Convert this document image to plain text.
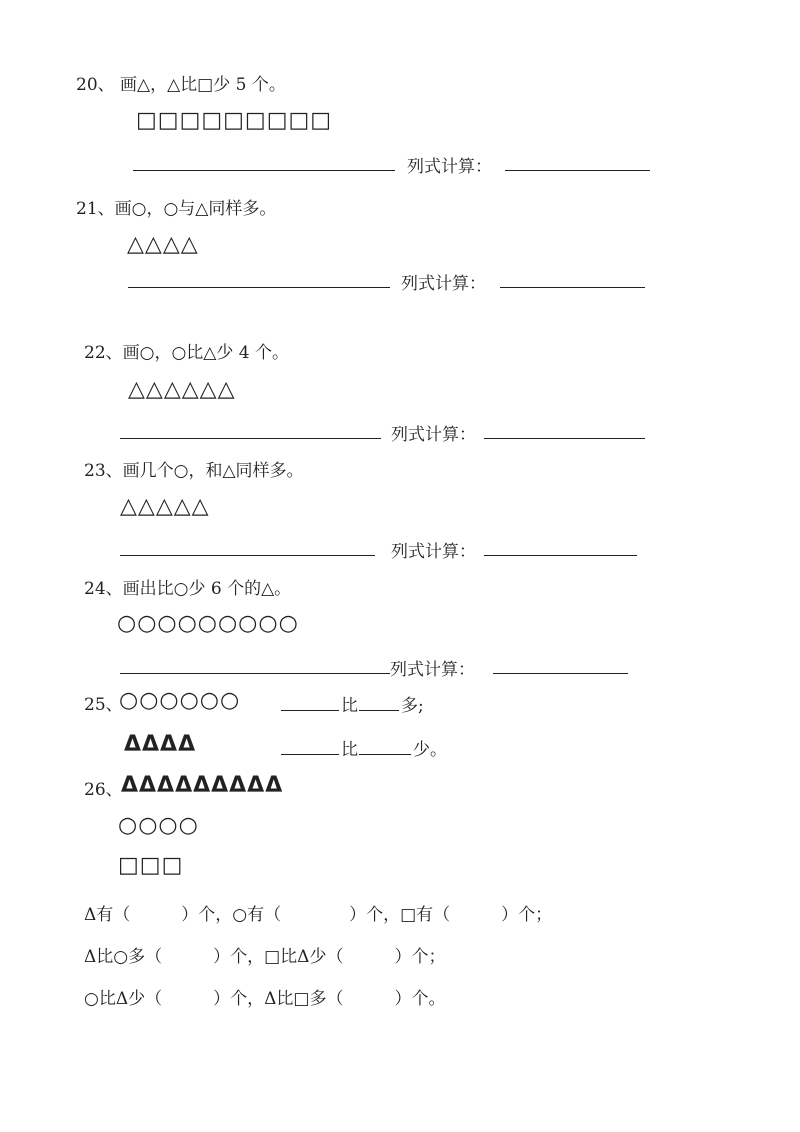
20、 画△，△比□少 5 个。
□□□□□□□□□
列式计算：
21、画○，○与△同样多。
△△△△
列式计算：
22、画○，○比△少 4 个。
△△△△△△
列式计算：
23、画几个○，和△同样多。
△△△△△
列式计算：
24、画出比○少 6 个的△。
○○○○○○○○○
列式计算：
25、
○○○○○○	比	多;
ΔΔΔΔ	比	少。
26、
ΔΔΔΔΔΔΔΔΔ
○○○○
□□□
Δ有（　　　）个，○有（　　　　）个，□有（　　　）个；
Δ比○多（　　　）个，□比Δ少（　　　）个；
○比Δ少（　　　）个，Δ比□多（　　　）个。
